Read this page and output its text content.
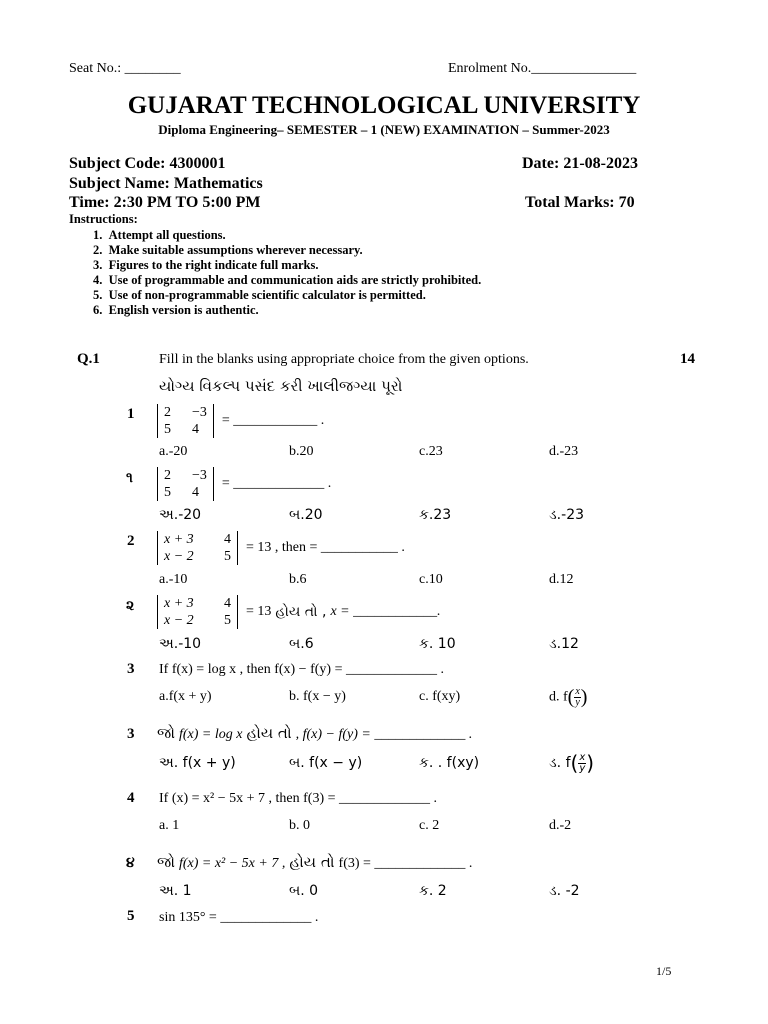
Seat No.: ________	Enrolment No._______________
GUJARAT TECHNOLOGICAL UNIVERSITY
Diploma Engineering– SEMESTER – 1 (NEW) EXAMINATION – Summer-2023
Subject Code: 4300001	Date: 21-08-2023
Subject Name: Mathematics
Time: 2:30 PM TO 5:00 PM	Total Marks: 70
Instructions:
1. Attempt all questions.
2. Make suitable assumptions wherever necessary.
3. Figures to the right indicate full marks.
4. Use of programmable and communication aids are strictly prohibited.
5. Use of non-programmable scientific calculator is permitted.
6. English version is authentic.
Q.1	Fill in the blanks using appropriate choice from the given options.	14
યોગ્ય વિકલ્પ પસંદ કરી ખાલીજગ્યા પૂરો
1 2	−3
5	4
= ____________ .
a.-20	b.20	c.23	d.-23
૧ 2	−3
5	4
= _____________ .
અ.-20	બ.20	ક.23	ડ.-23
2 x + 3	4
x − 2	5
= 13 , then = ___________ .
a.-10	b.6	c.10	d.12
૨ x + 3	4
x − 2	5
= 13 હોય તો , x = ____________.
અ.-10	બ.6	ક. 10	ડ.12
3 If f(x) = log x , then f(x) − f(y) = _____________ .
a.f(x + y)	b. f(x − y)	c. f(xy)	d. $f( \frac{x}{y}$ )
3 જો f(x) = log x હોય તો , f(x) − f(y) = _____________ .
અ. f(x + y)	બ. f(x − y)	ક. . f(xy)	ડ. $f( \frac{x}{y}$ )
4 If (x) = x² − 5x + 7 , then f(3) = _____________ .
a. 1	b. 0	c. 2	d.-2
૪ જો f(x) = x² − 5x + 7 , હોય તો f(3) = _____________ .
અ. 1	બ. 0	ક. 2	ડ. -2
5 sin 135° = _____________ .
1/5
